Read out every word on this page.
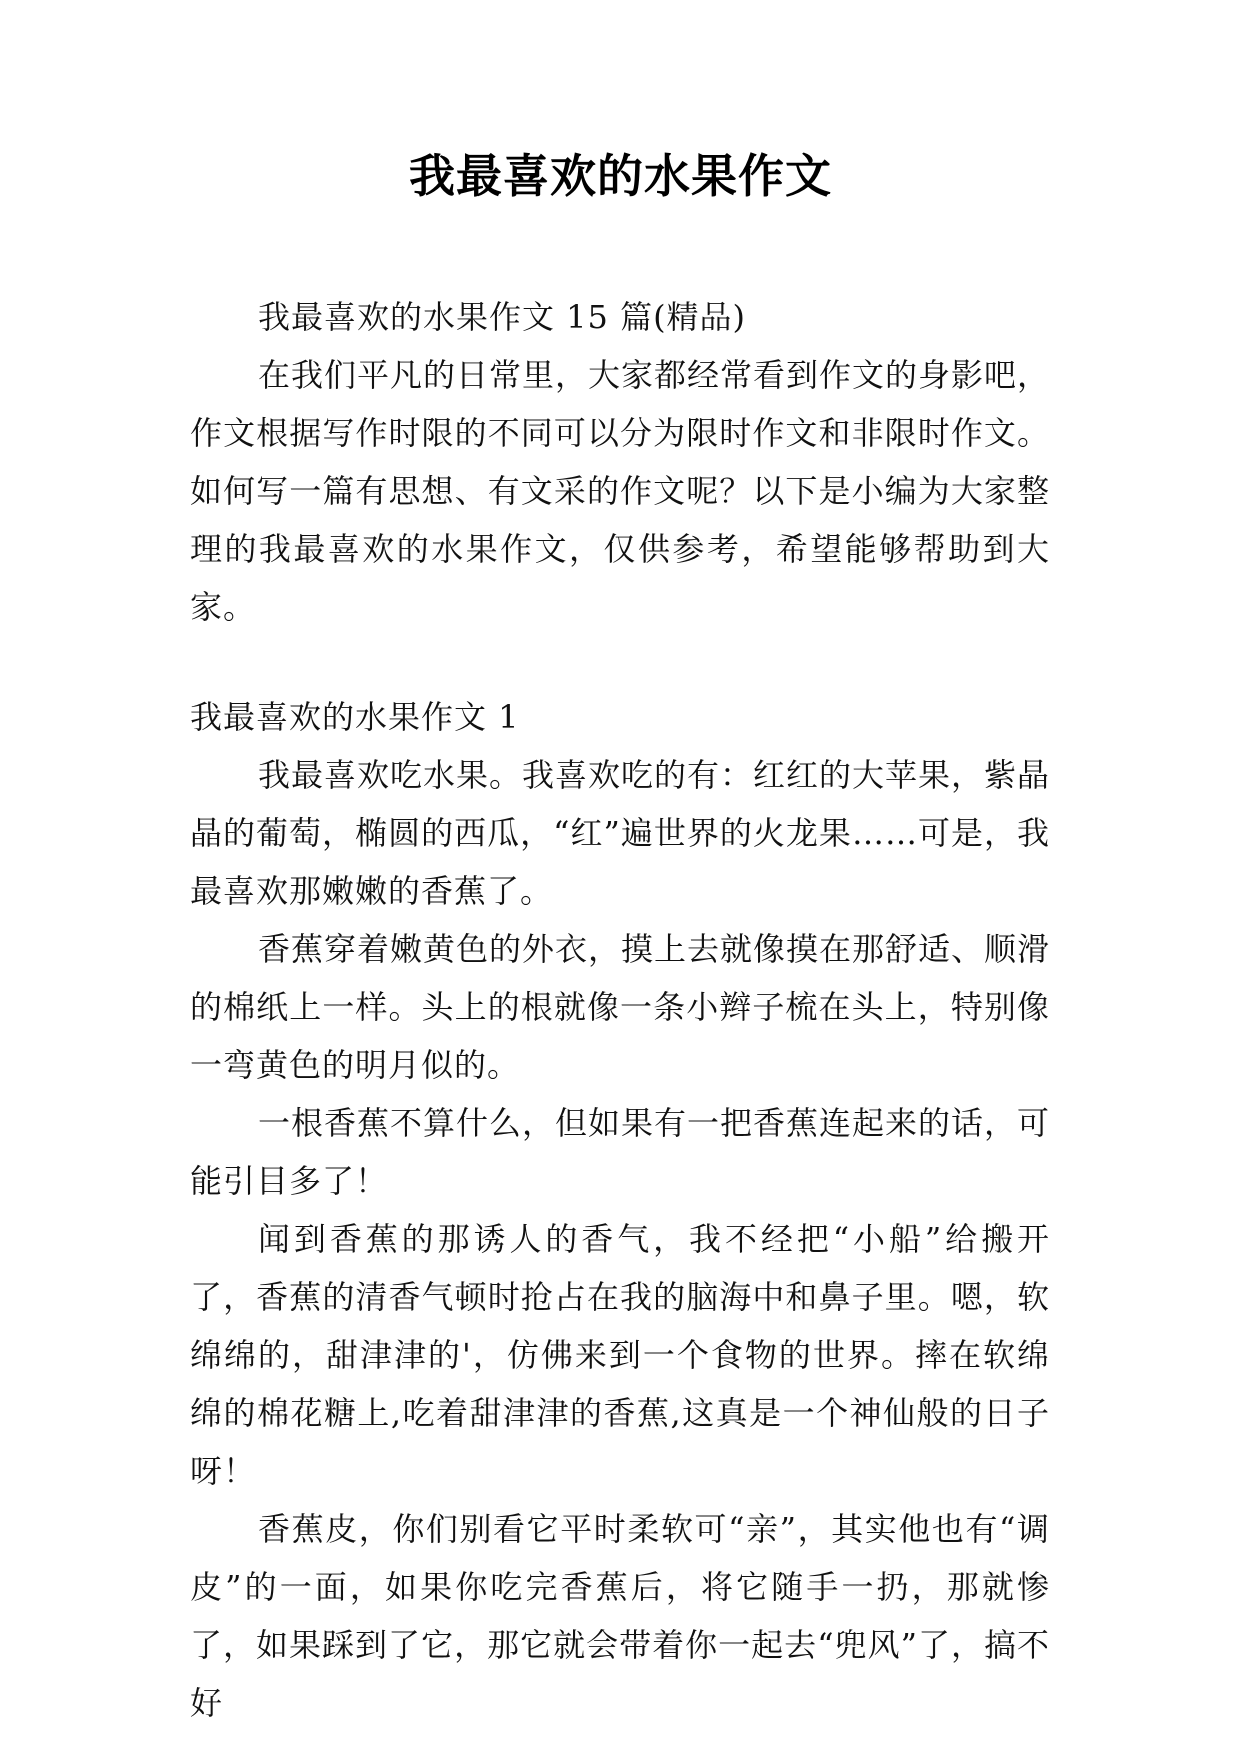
我最喜欢的水果作文

我最喜欢的水果作文 15 篇(精品)

在我们平凡的日常里，大家都经常看到作文的身影吧，作文根据写作时限的不同可以分为限时作文和非限时作文。如何写一篇有思想、有文采的作文呢？以下是小编为大家整理的我最喜欢的水果作文，仅供参考，希望能够帮助到大家。

我最喜欢的水果作文 1

我最喜欢吃水果。我喜欢吃的有：红红的大苹果，紫晶晶的葡萄，椭圆的西瓜，“红”遍世界的火龙果……可是，我最喜欢那嫩嫩的香蕉了。

香蕉穿着嫩黄色的外衣，摸上去就像摸在那舒适、顺滑的棉纸上一样。头上的根就像一条小辫子梳在头上，特别像一弯黄色的明月似的。

一根香蕉不算什么，但如果有一把香蕉连起来的话，可能引目多了！

闻到香蕉的那诱人的香气，我不经把“小船”给搬开了，香蕉的清香气顿时抢占在我的脑海中和鼻子里。嗯，软绵绵的，甜津津的'，仿佛来到一个食物的世界。摔在软绵绵的棉花糖上,吃着甜津津的香蕉,这真是一个神仙般的日子呀！

香蕉皮，你们别看它平时柔软可“亲”，其实他也有“调皮”的一面，如果你吃完香蕉后，将它随手一扔，那就惨了，如果踩到了它，那它就会带着你一起去“兜风”了，搞不好
